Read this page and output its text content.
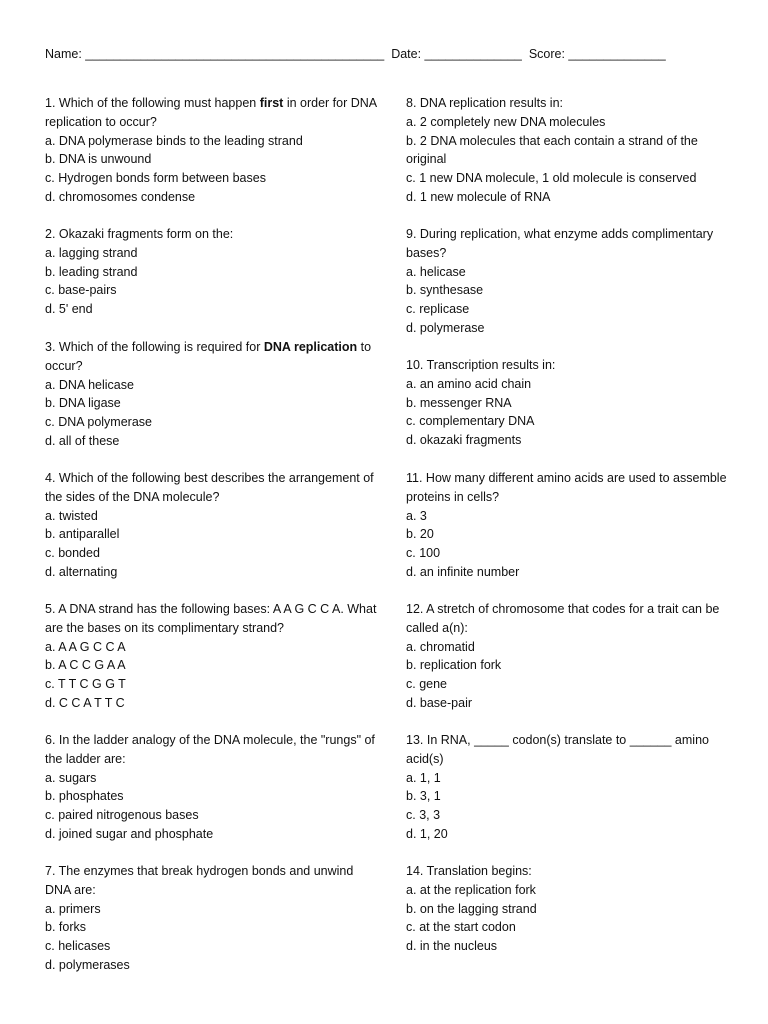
Name: ___________________________________________ Date: ______________ Score: ______________
1. Which of the following must happen first in order for DNA replication to occur?
a. DNA polymerase binds to the leading strand
b. DNA is unwound
c. Hydrogen bonds form between bases
d. chromosomes condense
2. Okazaki fragments form on the:
a. lagging strand
b. leading strand
c. base-pairs
d. 5' end
3. Which of the following is required for DNA replication to occur?
a. DNA helicase
b. DNA ligase
c. DNA polymerase
d. all of these
4. Which of the following best describes the arrangement of the sides of the DNA molecule?
a. twisted
b. antiparallel
c. bonded
d. alternating
5. A DNA strand has the following bases: A A G C C A. What are the bases on its complimentary strand?
a. A A G C C A
b. A C C G A A
c. T T C G G T
d. C C A T T C
6. In the ladder analogy of the DNA molecule, the "rungs" of the ladder are:
a. sugars
b. phosphates
c. paired nitrogenous bases
d. joined sugar and phosphate
7. The enzymes that break hydrogen bonds and unwind DNA are:
a. primers
b. forks
c. helicases
d. polymerases
8. DNA replication results in:
a. 2 completely new DNA molecules
b. 2 DNA molecules that each contain a strand of the original
c. 1 new DNA molecule, 1 old molecule is conserved
d. 1 new molecule of RNA
9. During replication, what enzyme adds complimentary bases?
a. helicase
b. synthesase
c. replicase
d. polymerase
10. Transcription results in:
a. an amino acid chain
b. messenger RNA
c. complementary DNA
d. okazaki fragments
11. How many different amino acids are used to assemble proteins in cells?
a. 3
b. 20
c. 100
d. an infinite number
12. A stretch of chromosome that codes for a trait can be called a(n):
a. chromatid
b. replication fork
c. gene
d. base-pair
13. In RNA, _____ codon(s) translate to ______ amino acid(s)
a. 1, 1
b. 3, 1
c. 3, 3
d. 1, 20
14. Translation begins:
a. at the replication fork
b. on the lagging strand
c. at the start codon
d. in the nucleus
